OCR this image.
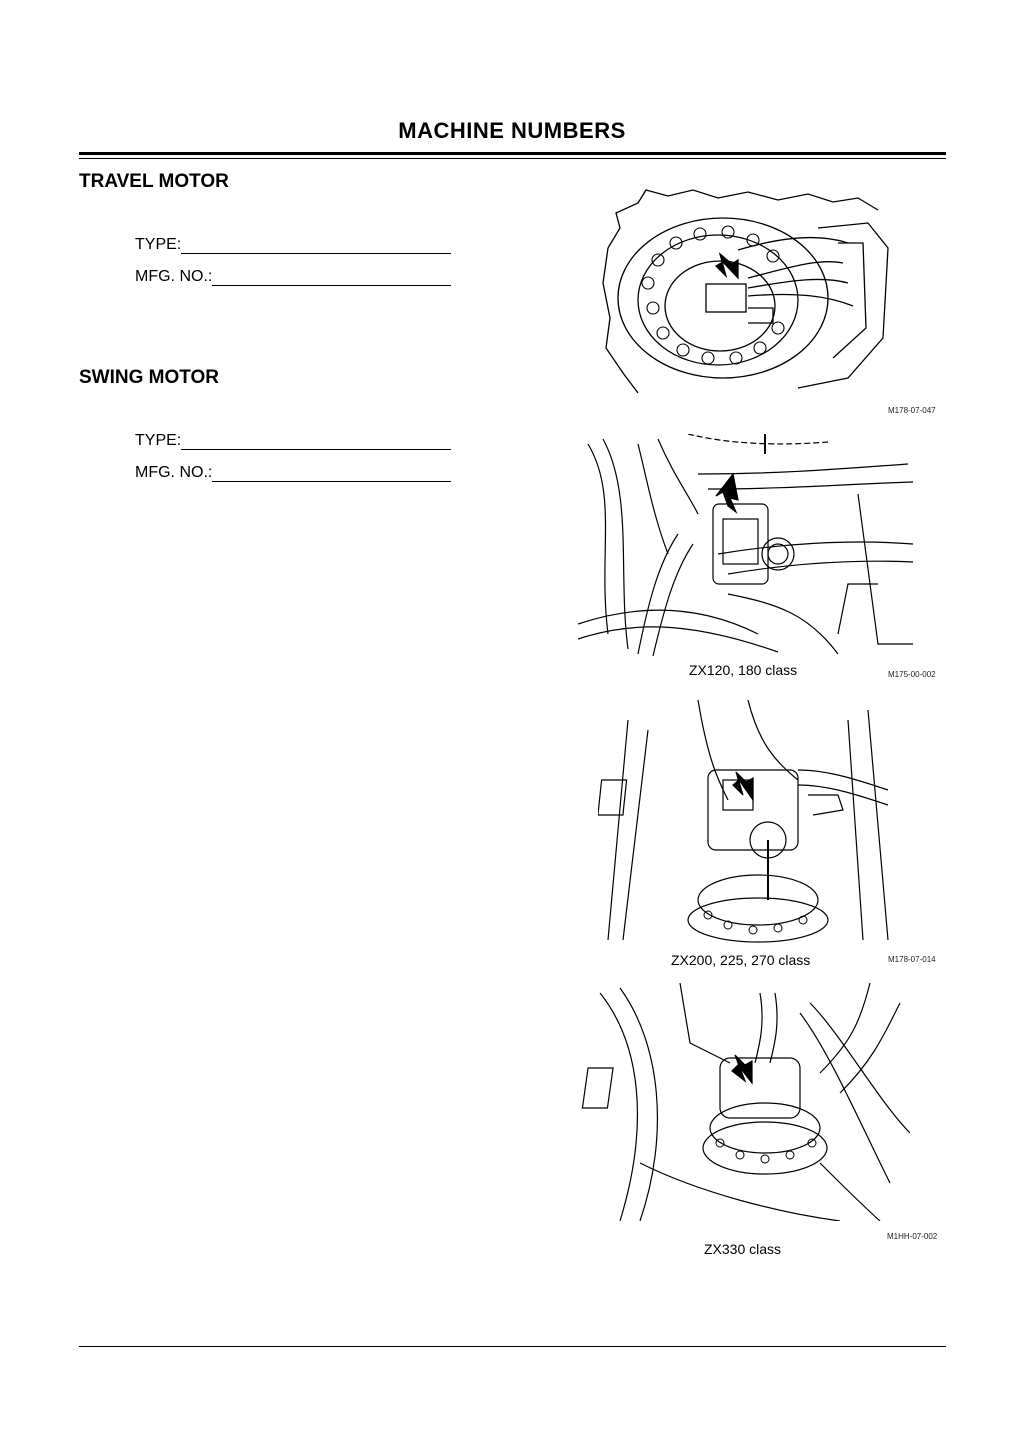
MACHINE NUMBERS
TRAVEL MOTOR
TYPE:
MFG. NO.:
SWING MOTOR
TYPE:
MFG. NO.:
M178-07-047
ZX120, 180 class	M175-00-002
ZX200, 225, 270 class	M178-07-014
M1HH-07-002
ZX330 class
